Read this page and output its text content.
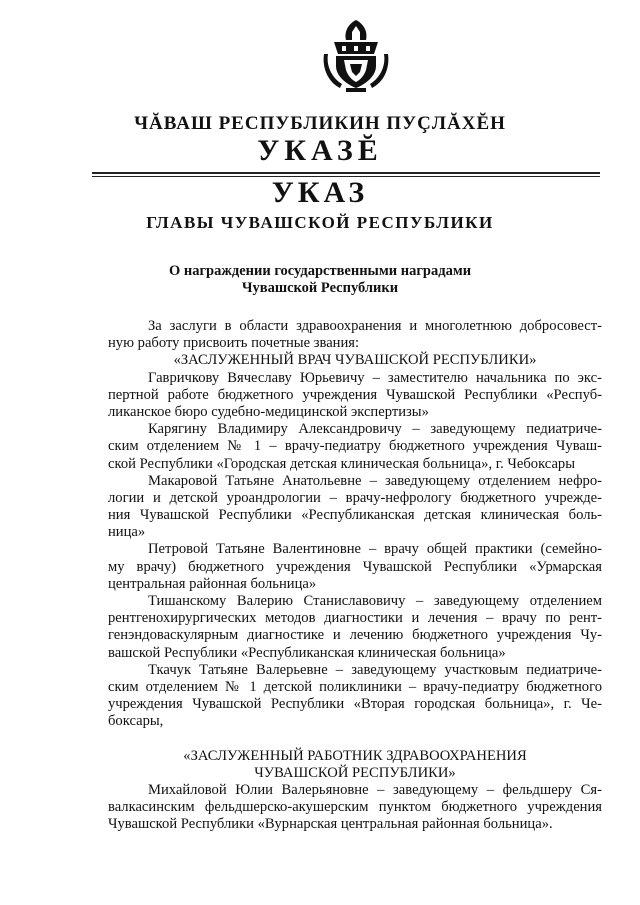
ЧĂВАШ РЕСПУБЛИКИН ПУÇЛĂХĔН
УКАЗĔ
УКАЗ
ГЛАВЫ ЧУВАШСКОЙ РЕСПУБЛИКИ
О награждении государственными наградами
Чувашской Республики
За заслуги в области здравоохранения и многолетнюю добросовест-
ную работу присвоить почетные звания:
«ЗАСЛУЖЕННЫЙ ВРАЧ ЧУВАШСКОЙ РЕСПУБЛИКИ»
Гавричкову Вячеславу Юрьевичу – заместителю начальника по экс-
пертной работе бюджетного учреждения Чувашской Республики «Респуб-
ликанское бюро судебно-медицинской экспертизы»
Карягину Владимиру Александровичу – заведующему педиатриче-
ским отделением № 1 – врачу-педиатру бюджетного учреждения Чуваш-
ской Республики «Городская детская клиническая больница», г. Чебоксары
Макаровой Татьяне Анатольевне – заведующему отделением нефро-
логии и детской уроандрологии – врачу-нефрологу бюджетного учрежде-
ния Чувашской Республики «Республиканская детская клиническая боль-
ница»
Петровой Татьяне Валентиновне – врачу общей практики (семейно-
му врачу) бюджетного учреждения Чувашской Республики «Урмарская
центральная районная больница»
Тишанскому Валерию Станиславовичу – заведующему отделением
рентгенохирургических методов диагностики и лечения – врачу по рент-
генэндоваскулярным диагностике и лечению бюджетного учреждения Чу-
вашской Республики «Республиканская клиническая больница»
Ткачук Татьяне Валерьевне – заведующему участковым педиатриче-
ским отделением № 1 детской поликлиники – врачу-педиатру бюджетного
учреждения Чувашской Республики «Вторая городская больница», г. Че-
боксары,
«ЗАСЛУЖЕННЫЙ РАБОТНИК ЗДРАВООХРАНЕНИЯ
ЧУВАШСКОЙ РЕСПУБЛИКИ»
Михайловой Юлии Валерьяновне – заведующему – фельдшеру Ся-
валкасинским фельдшерско-акушерским пунктом бюджетного учреждения
Чувашской Республики «Вурнарская центральная районная больница».
